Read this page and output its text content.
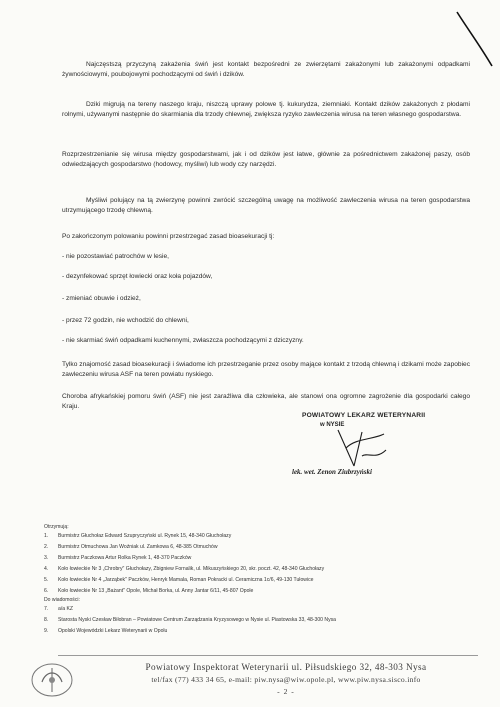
Najczęstszą przyczyną zakażenia świń jest kontakt bezpośredni ze zwierzętami zakażonymi lub zakażonymi odpadkami żywnościowymi, poubojowymi pochodzącymi od świń i dzików.

Dziki migrują na tereny naszego kraju, niszczą uprawy polowe tj. kukurydza, ziemniaki. Kontakt dzików zakażonych z płodami rolnymi, używanymi następnie do skarmiania dla trzody chlewnej, zwiększa ryzyko zawleczenia wirusa na teren własnego gospodarstwa.

Rozprzestrzenianie się wirusa między gospodarstwami, jak i od dzików jest łatwe, głównie za pośrednictwem zakażonej paszy, osób odwiedzających gospodarstwo (hodowcy, myśliwi) lub wody czy narzędzi.

Myśliwi polujący na tą zwierzynę powinni zwrócić szczególną uwagę na możliwość zawleczenia wirusa na teren gospodarstwa utrzymującego trzodę chlewną.

Po zakończonym polowaniu powinni przestrzegać zasad bioasekuracji tj:

- nie pozostawiać patrochów w lesie,
- dezynfekować sprzęt łowiecki oraz koła pojazdów,
- zmieniać obuwie i odzież,
- przez 72 godzin, nie wchodzić do chlewni,
- nie skarmiać świń odpadkami kuchennymi, zwłaszcza pochodzącymi z dziczyzny.

Tylko znajomość zasad bioasekuracji i świadome ich przestrzeganie przez osoby mające kontakt z trzodą chlewną i dzikami może zapobiec zawleczeniu wirusa ASF na teren powiatu nyskiego.

Choroba afrykańskiej pomoru świń (ASF) nie jest zaraźliwa dla człowieka, ale stanowi ona ogromne zagrożenie dla gospodarki całego Kraju.

POWIATOWY LEKARZ WETERYNARII
w NYSIE
lek. wet. Zenon Ziubrzyński
Otrzymują:
1. Burmistrz Głuchołaz Edward Szupryczyński ul. Rynek 15, 48-340 Głuchołazy
2. Burmistrz Otmuchowa Jan Woźniak ul. Zamkowa 6, 48-385 Otmuchów
3. Burmistrz Paczkowa Artur Rolka Rynek 1, 48-370 Paczków
4. Koło łowieckie Nr 3 „Chrobry" Głuchołazy, Zbigniew Fornalik, ul. Mikuszyńskiego 20, skr. poczt. 42, 48-340 Głuchołazy
5. Koło łowieckie Nr 4 „Jarząbek" Paczków, Henryk Mamala, Roman Pokracki ul. Ceramiczna 1c/6, 49-130 Tułowice
6. Koło łowieckie Nr 13 „Bażant" Opole, Michał Borka, ul. Anny Jantar 6/11, 45-807 Opole
Do wiadomości:
7. a/a KZ
8. Starosta Nyski Czesław Biłobran – Powiatowe Centrum Zarządzania Kryzysowego w Nysie ul. Piastowska 33, 48-300 Nysa
9. Opolski Wojewódzki Lekarz Weterynarii w Opolu
Powiatowy Inspektorat Weterynarii ul. Piłsudskiego 32, 48-303 Nysa
tel/fax (77) 433 34 65, e-mail: piw.nysa@wiw.opole.pl, www.piw.nysa.sisco.info
- 2 -
